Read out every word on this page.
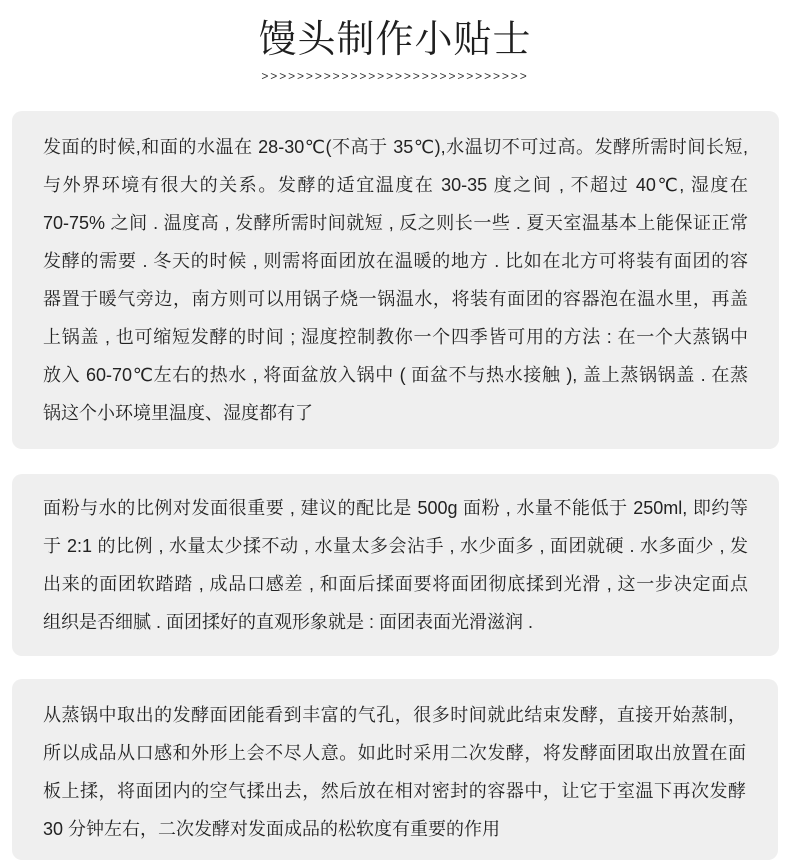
馒头制作小贴士
>>>>>>>>>>>>>>>>>>>>>>>>>>>>>>
发面的时候,和面的水温在 28-30℃(不高于 35℃),水温切不可过高。发酵所需时间长短,
与外界环境有很大的关系。发酵的适宜温度在 30-35 度之间 , 不超过 40℃, 湿度在
70-75% 之间 . 温度高 , 发酵所需时间就短 , 反之则长一些 . 夏天室温基本上能保证正常
发酵的需要 . 冬天的时候 , 则需将面团放在温暖的地方 . 比如在北方可将装有面团的容
器置于暖气旁边，南方则可以用锅子烧一锅温水，将装有面团的容器泡在温水里，再盖
上锅盖 , 也可缩短发酵的时间 ; 湿度控制教你一个四季皆可用的方法 : 在一个大蒸锅中
放入 60-70℃左右的热水 , 将面盆放入锅中 ( 面盆不与热水接触 ), 盖上蒸锅锅盖 . 在蒸
锅这个小环境里温度、湿度都有了
面粉与水的比例对发面很重要 , 建议的配比是 500g 面粉 , 水量不能低于 250ml, 即约等
于 2:1 的比例 , 水量太少揉不动 , 水量太多会沾手 , 水少面多 , 面团就硬 . 水多面少 , 发
出来的面团软踏踏 , 成品口感差 , 和面后揉面要将面团彻底揉到光滑 , 这一步决定面点
组织是否细腻 . 面团揉好的直观形象就是 : 面团表面光滑滋润 .
从蒸锅中取出的发酵面团能看到丰富的气孔，很多时间就此结束发酵，直接开始蒸制，
所以成品从口感和外形上会不尽人意。如此时采用二次发酵，将发酵面团取出放置在面
板上揉，将面团内的空气揉出去，然后放在相对密封的容器中，让它于室温下再次发酵
30 分钟左右，二次发酵对发面成品的松软度有重要的作用
